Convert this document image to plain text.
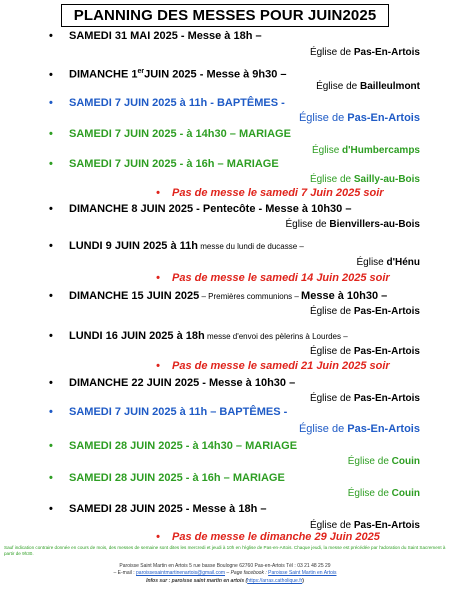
PLANNING DES MESSES POUR JUIN2025
• SAMEDI 31 MAI 2025 - Messe à 18h –
Église de Pas-En-Artois
• DIMANCHE 1erJUIN 2025 - Messe à 9h30 –
Église de Bailleulmont
• SAMEDI 7 JUIN 2025 à 11h - BAPTÊMES -
Église de Pas-En-Artois
• SAMEDI 7 JUIN 2025 - à 14h30 – MARIAGE
Église d'Humbercamps
• SAMEDI 7 JUIN 2025 - à 16h – MARIAGE
Église de Sailly-au-Bois
• Pas de messe le samedi 7 Juin 2025 soir
• DIMANCHE 8 JUIN 2025 - Pentecôte - Messe à 10h30 –
Église de Bienvillers-au-Bois
• LUNDI 9 JUIN 2025 à 11h messe du lundi de ducasse –
Église d'Hénu
• Pas de messe le samedi 14 Juin 2025 soir
• DIMANCHE 15 JUIN 2025 – Premières communions – Messe à 10h30 –
Église de Pas-En-Artois
• LUNDI 16 JUIN 2025 à 18h messe d'envoi des pèlerins à Lourdes –
Église de Pas-En-Artois
• Pas de messe le samedi 21 Juin 2025 soir
• DIMANCHE 22 JUIN 2025 - Messe à 10h30 –
Église de Pas-En-Artois
• SAMEDI 7 JUIN 2025 à 11h – BAPTÊMES -
Église de Pas-En-Artois
• SAMEDI 28 JUIN 2025 - à 14h30 – MARIAGE
Église de Couin
• SAMEDI 28 JUIN 2025 - à 16h – MARIAGE
Église de Couin
• SAMEDI 28 JUIN 2025 - Messe à 18h –
Église de Pas-En-Artois
• Pas de messe le dimanche 29 Juin 2025
Sauf indication contraire donnée en cours de mois, des messes de semaine sont dites les mercredi et jeudi à 10h en l'église de Pas-en-Artois. Chaque jeudi, la messe est précédée par l'adoration du Saint Sacrement à partir de 9h30.
Paroisse Saint Martin en Artois 5 rue basse Boulogne 62760 Pas-en-Artois Tél : 03 21 48 25 29
– E-mail : paroissesaintmartinenartois@gmail.com – Page facebook : Paroisse Saint Martin en Artois
Infos sur : paroisse saint martin en artois (https://arras.catholique.fr)
